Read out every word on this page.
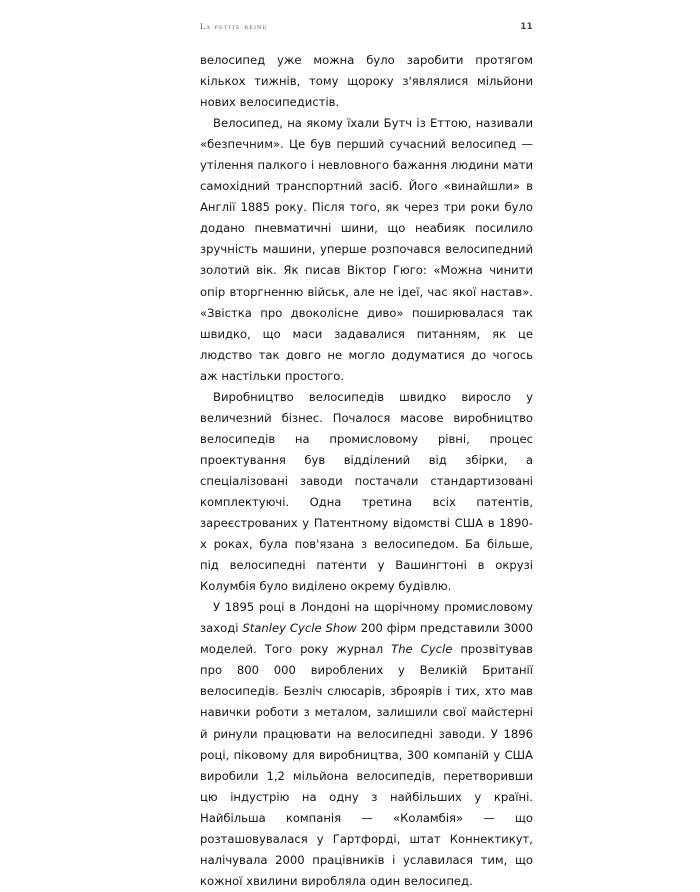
La petite reine	11

велосипед уже можна було заробити протягом кількох тижнів, тому щороку з'являлися мільйони нових велосипедистів.

Велосипед, на якому їхали Бутч із Еттою, називали «безпечним». Це був перший сучасний велосипед — утілення палкого і невловного бажання людини мати самохідний транспортний засіб. Його «винайшли» в Англії 1885 року. Після того, як через три роки було додано пневматичні шини, що неабияк посилило зручність машини, уперше розпочався велосипедний золотий вік. Як писав Віктор Гюго: «Можна чинити опір вторгненню військ, але не ідеї, час якої настав». «Звістка про двоколісне диво» поширювалася так швидко, що маси задавалися питанням, як це людство так довго не могло додуматися до чогось аж настільки простого.

Виробництво велосипедів швидко виросло у величезний бізнес. Почалося масове виробництво велосипедів на промисловому рівні, процес проектування був відділений від збірки, а спеціалізовані заводи постачали стандартизовані комплектуючі. Одна третина всіх патентів, зареєстрованих у Патентному відомстві США в 1890-х роках, була пов'язана з велосипедом. Ба більше, під велосипедні патенти у Вашингтоні в окрузі Колумбія було виділено окрему будівлю.

У 1895 році в Лондоні на щорічному промисловому заході Stanley Cycle Show 200 фірм представили 3000 моделей. Того року журнал The Cycle прозвітував про 800 000 вироблених у Великій Британії велосипедів. Безліч слюсарів, зброярів і тих, хто мав навички роботи з металом, залишили свої майстерні й ринули працювати на велосипедні заводи. У 1896 році, піковому для виробництва, 300 компаній у США виробили 1,2 мільйона велосипедів, перетворивши цю індустрію на одну з найбільших у країні. Найбільша компанія — «Коламбія» — що розташовувалася у Гартфорді, штат Коннектикут, налічувала 2000 працівників і уславилася тим, що кожної хвилини виробляла один велосипед.
